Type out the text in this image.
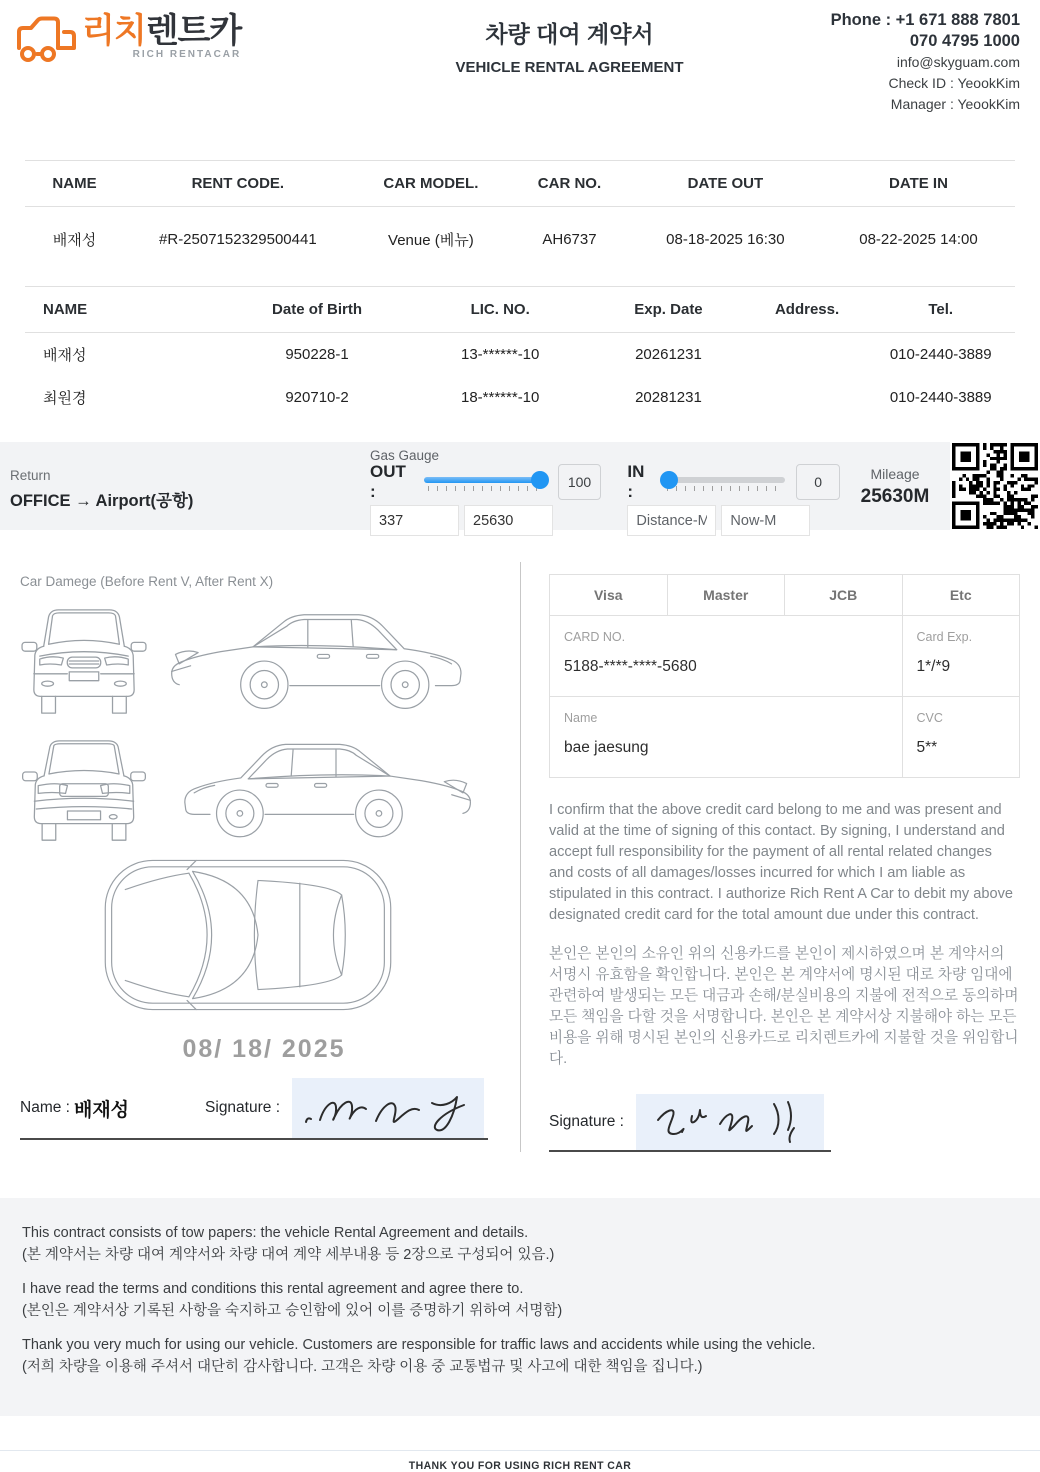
리치렌트카
RICH RENTACAR
차량 대여 계약서
VEHICLE RENTAL AGREEMENT
Phone : +1 671 888 7801
070 4795 1000
info@skyguam.com
Check ID : YeookKim
Manager : YeookKim
NAME	RENT CODE.	CAR MODEL.	CAR NO.	DATE OUT	DATE IN
배재성	#R-2507152329500441	Venue (베뉴)	AH6737	08-18-2025 16:30	08-22-2025 14:00
NAME	Date of Birth	LIC. NO.	Exp. Date	Address.	Tel.
배재성	950228-1	13-******-10	20261231		010-2440-3889
최원경	920710-2	18-******-10	20281231		010-2440-3889
Return
OFFICE → Airport(공항)
Gas Gauge
OUT :	100
337
25630
IN :	0
Distance-M
Now-M	Mileage
25630M
Car Damege (Before Rent V, After Rent X)
08/ 18/ 2025
Name : 배재성	Signature :
Visa	Master	JCB	Etc
CARD NO.
5188-****-****-5680
Card Exp.
1*/*9
Name
bae jaesung
CVC
5**
I confirm that the above credit card belong to me and was present and valid at the time of signing of this contact. By signing, I understand and accept full responsibility for the payment of all rental related changes and costs of all damages/losses incurred for which I am liable as stipulated in this contract. I authorize Rich Rent A Car to debit my above designated credit card for the total amount due under this contract.
본인은 본인의 소유인 위의 신용카드를 본인이 제시하였으며 본 계약서의 서명시 유효함을 확인합니다. 본인은 본 계약서에 명시된 대로 차량 임대에 관련하여 발생되는 모든 대금과 손해/분실비용의 지불에 전적으로 동의하며 모든 책임을 다할 것을 서명합니다. 본인은 본 계약서상 지불해야 하는 모든 비용을 위해 명시된 본인의 신용카드로 리치렌트카에 지불할 것을 위임합니다.
Signature :
This contract consists of tow papers: the vehicle Rental Agreement and details.
(본 계약서는 차량 대여 계약서와 차량 대여 계약 세부내용 등 2장으로 구성되어 있음.)
I have read the terms and conditions this rental agreement and agree there to.
(본인은 계약서상 기록된 사항을 숙지하고 승인함에 있어 이를 증명하기 위하여 서명함)
Thank you very much for using our vehicle. Customers are responsible for traffic laws and accidents while using the vehicle.
(저희 차량을 이용해 주셔서 대단히 감사합니다. 고객은 차량 이용 중 교통법규 및 사고에 대한 책임을 집니다.)
THANK YOU FOR USING RICH RENT CAR
